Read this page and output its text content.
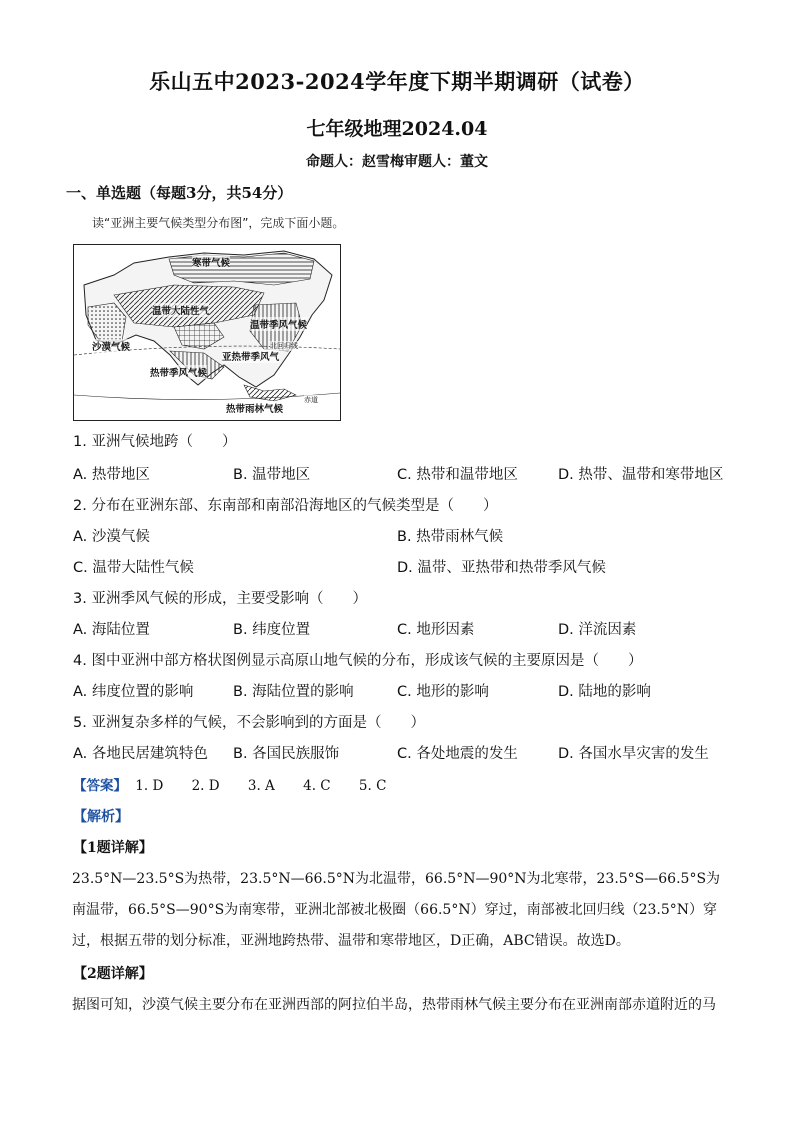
乐山五中2023-2024学年度下期半期调研（试卷）
七年级地理2024.04
命题人：赵雪梅审题人：董文
一、单选题（每题3分，共54分）
读“亚洲主要气候类型分布图”，完成下面小题。
寒带气候
温带大陆性气
温带季风气候
沙漠气候
亚热带季风气
热带季风气候
北回归线
赤道
热带雨林气候
1. 亚洲气候地跨（　　）
A. 热带地区	B. 温带地区	C. 热带和温带地区	D. 热带、温带和寒带地区
2. 分布在亚洲东部、东南部和南部沿海地区的气候类型是（　　）
A. 沙漠气候	B. 热带雨林气候
C. 温带大陆性气候	D. 温带、亚热带和热带季风气候
3. 亚洲季风气候的形成，主要受影响（　　）
A. 海陆位置	B. 纬度位置	C. 地形因素	D. 洋流因素
4. 图中亚洲中部方格状图例显示高原山地气候的分布，形成该气候的主要原因是（　　）
A. 纬度位置的影响	B. 海陆位置的影响	C. 地形的影响	D. 陆地的影响
5. 亚洲复杂多样的气候，不会影响到的方面是（　　）
A. 各地民居建筑特色 B. 各国民族服饰	C. 各处地震的发生	D. 各国水旱灾害的发生
【答案】 1. D 2. D 3. A 4. C 5. C
【解析】
【1题详解】
23.5°N—23.5°S为热带，23.5°N—66.5°N为北温带，66.5°N—90°N为北寒带，23.5°S—66.5°S为南温带，66.5°S—90°S为南寒带，亚洲北部被北极圈（66.5°N）穿过，南部被北回归线（23.5°N）穿过，根据五带的划分标准，亚洲地跨热带、温带和寒带地区，D正确，ABC错误。故选D。
【2题详解】
据图可知，沙漠气候主要分布在亚洲西部的阿拉伯半岛，热带雨林气候主要分布在亚洲南部赤道附近的马
